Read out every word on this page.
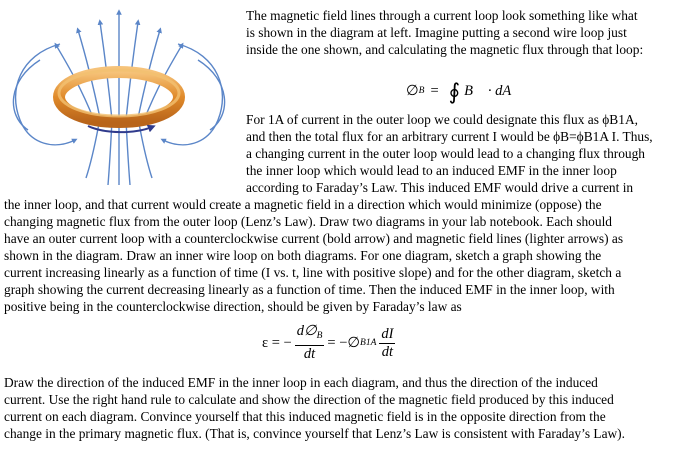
The magnetic field lines through a current loop look something like what

is shown in the diagram at left. Imagine putting a second wire loop just

inside the one shown, and calculating the magnetic flux through that loop:

∅ B = ∮ B⃗ · dA⃗

For 1A of current in the outer loop we could designate this flux as ϕB1A,

and then the total flux for an arbitrary current I would be ϕB=ϕB1A I. Thus,

a changing current in the outer loop would lead to a changing flux through

the inner loop which would lead to an induced EMF in the inner loop

according to Faraday’s Law. This induced EMF would drive a current in

the inner loop, and that current would create a magnetic field in a direction which would minimize (oppose) the

changing magnetic flux from the outer loop (Lenz’s Law). Draw two diagrams in your lab notebook. Each should

have an outer current loop with a counterclockwise current (bold arrow) and magnetic field lines (lighter arrows) as

shown in the diagram. Draw an inner wire loop on both diagrams. For one diagram, sketch a graph showing the

current increasing linearly as a function of time (I vs. t, line with positive slope) and for the other diagram, sketch a

graph showing the current decreasing linearly as a function of time. Then the induced EMF in the inner loop, with

positive being in the counterclockwise direction, should be given by Faraday’s law as

ε = − $\frac{d\emptyset_B}{dt}$ = −∅ $B1A \frac{dI}{dt}$

Draw the direction of the induced EMF in the inner loop in each diagram, and thus the direction of the induced

current. Use the right hand rule to calculate and show the direction of the magnetic field produced by this induced

current on each diagram. Convince yourself that this induced magnetic field is in the opposite direction from the

change in the primary magnetic flux. (That is, convince yourself that Lenz’s Law is consistent with Faraday’s Law).
